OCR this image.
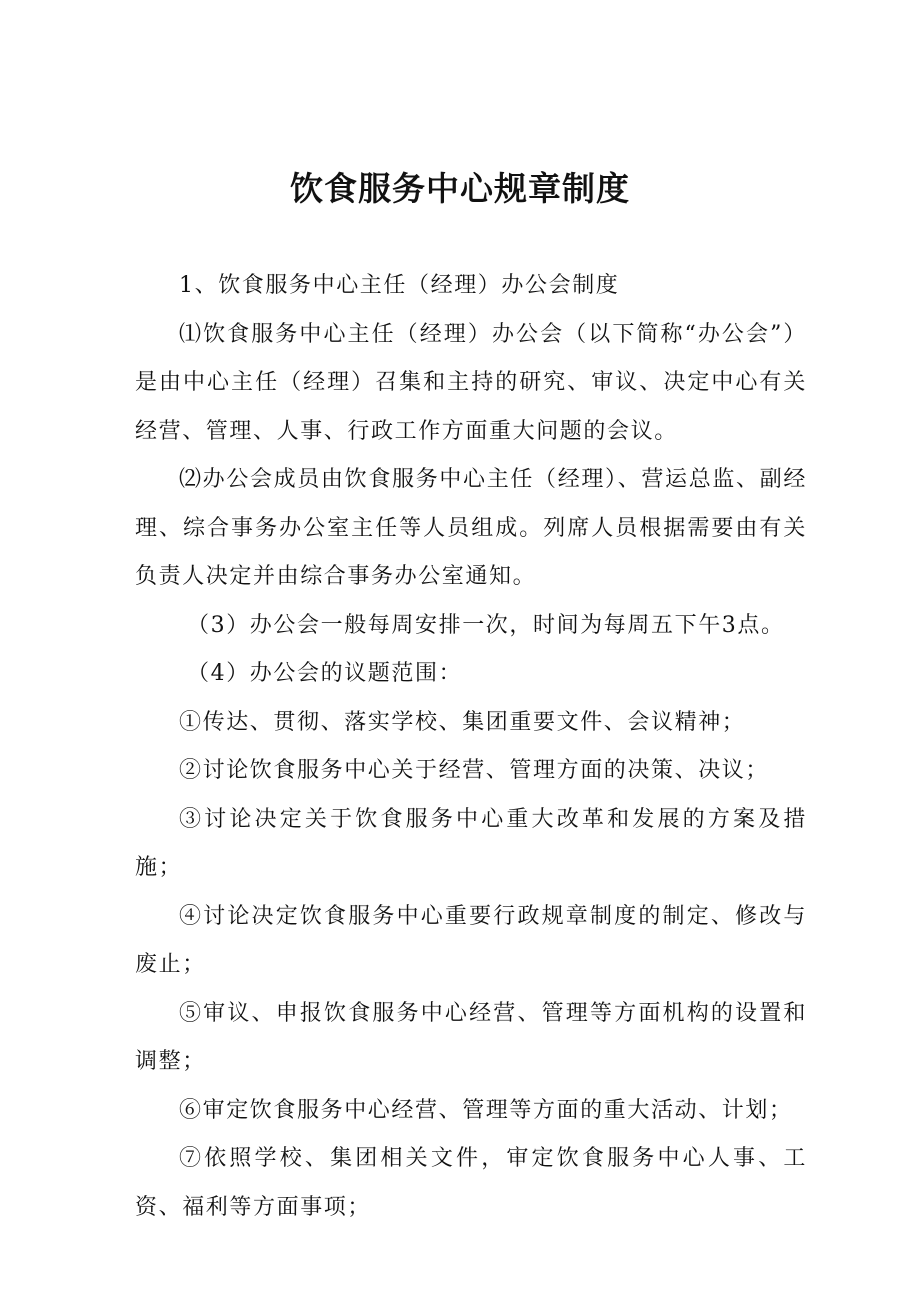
饮食服务中心规章制度

1、饮食服务中心主任（经理）办公会制度

⑴饮食服务中心主任（经理）办公会（以下简称“办公会”）是由中心主任（经理）召集和主持的研究、审议、决定中心有关经营、管理、人事、行政工作方面重大问题的会议。

⑵办公会成员由饮食服务中心主任（经理）、营运总监、副经理、综合事务办公室主任等人员组成。列席人员根据需要由有关负责人决定并由综合事务办公室通知。

（3）办公会一般每周安排一次，时间为每周五下午3点。

（4）办公会的议题范围：

①传达、贯彻、落实学校、集团重要文件、会议精神；

②讨论饮食服务中心关于经营、管理方面的决策、决议；

③讨论决定关于饮食服务中心重大改革和发展的方案及措施；

④讨论决定饮食服务中心重要行政规章制度的制定、修改与废止；

⑤审议、申报饮食服务中心经营、管理等方面机构的设置和调整；

⑥审定饮食服务中心经营、管理等方面的重大活动、计划；

⑦依照学校、集团相关文件，审定饮食服务中心人事、工资、福利等方面事项；
